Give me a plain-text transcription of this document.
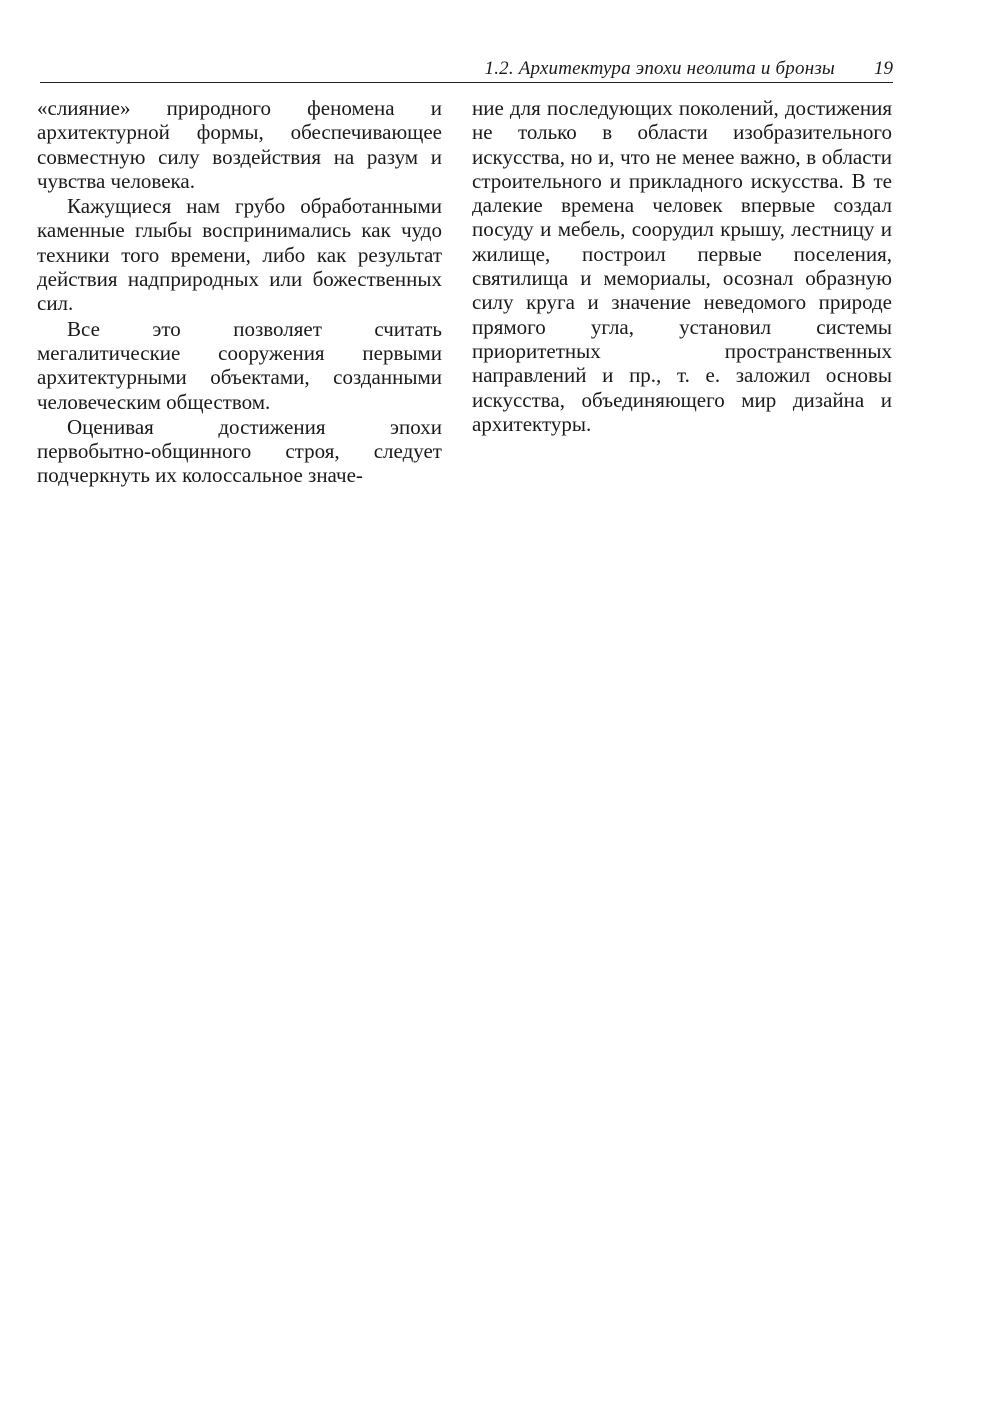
1.2. Архитектура эпохи неолита и бронзы 19

«слияние» природного феномена и архитектурной формы, обеспечивающее совместную силу воздействия на разум и чувства человека.

Кажущиеся нам грубо обработанными каменные глыбы воспринимались как чудо техники того времени, либо как результат действия надприродных или божественных сил.

Все это позволяет считать мегалитические сооружения первыми архитектурными объектами, созданными человеческим обществом.

Оценивая достижения эпохи первобытно-общинного строя, следует подчеркнуть их колоссальное значе-

ние для последующих поколений, достижения не только в области изобразительного искусства, но и, что не менее важно, в области строительного и прикладного искусства. В те далекие времена человек впервые создал посуду и мебель, соорудил крышу, лестницу и жилище, построил первые поселения, святилища и мемориалы, осознал образную силу круга и значение неведомого природе прямого угла, установил системы приоритетных пространственных направлений и пр., т. е. заложил основы искусства, объединяющего мир дизайна и архитектуры.
